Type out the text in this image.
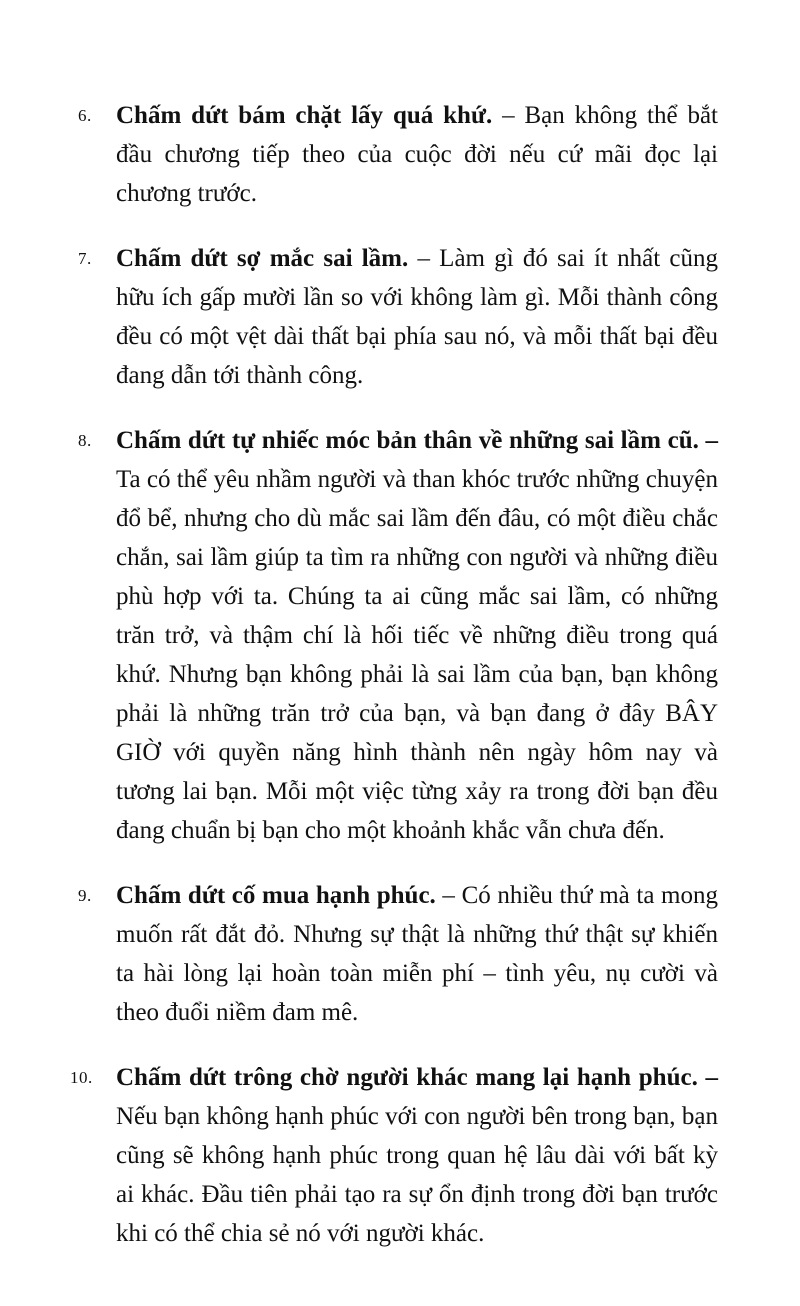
6. Chấm dứt bám chặt lấy quá khứ. – Bạn không thể bắt đầu chương tiếp theo của cuộc đời nếu cứ mãi đọc lại chương trước.
7. Chấm dứt sợ mắc sai lầm. – Làm gì đó sai ít nhất cũng hữu ích gấp mười lần so với không làm gì. Mỗi thành công đều có một vệt dài thất bại phía sau nó, và mỗi thất bại đều đang dẫn tới thành công.
8. Chấm dứt tự nhiếc móc bản thân về những sai lầm cũ. – Ta có thể yêu nhầm người và than khóc trước những chuyện đổ bể, nhưng cho dù mắc sai lầm đến đâu, có một điều chắc chắn, sai lầm giúp ta tìm ra những con người và những điều phù hợp với ta. Chúng ta ai cũng mắc sai lầm, có những trăn trở, và thậm chí là hối tiếc về những điều trong quá khứ. Nhưng bạn không phải là sai lầm của bạn, bạn không phải là những trăn trở của bạn, và bạn đang ở đây BÂY GIỜ với quyền năng hình thành nên ngày hôm nay và tương lai bạn. Mỗi một việc từng xảy ra trong đời bạn đều đang chuẩn bị bạn cho một khoảnh khắc vẫn chưa đến.
9. Chấm dứt cố mua hạnh phúc. – Có nhiều thứ mà ta mong muốn rất đắt đỏ. Nhưng sự thật là những thứ thật sự khiến ta hài lòng lại hoàn toàn miễn phí – tình yêu, nụ cười và theo đuổi niềm đam mê.
10. Chấm dứt trông chờ người khác mang lại hạnh phúc. – Nếu bạn không hạnh phúc với con người bên trong bạn, bạn cũng sẽ không hạnh phúc trong quan hệ lâu dài với bất kỳ ai khác. Đầu tiên phải tạo ra sự ổn định trong đời bạn trước khi có thể chia sẻ nó với người khác.
